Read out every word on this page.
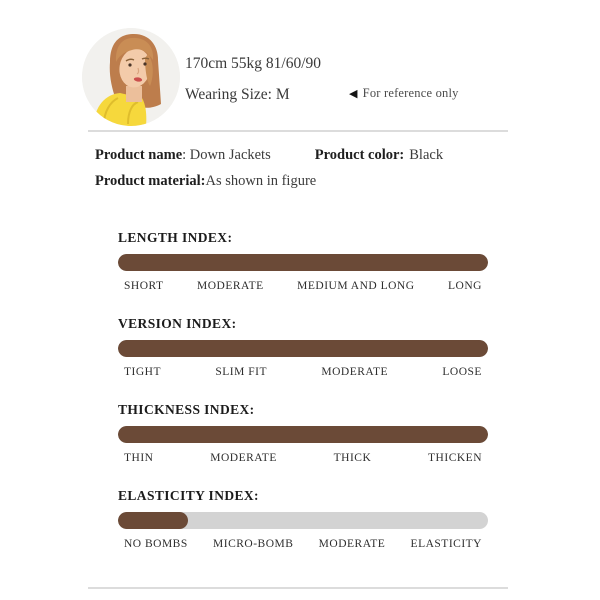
170cm 55kg 81/60/90

Wearing Size: M	◀ For reference only
Product name: Down Jackets	Product color: Black
Product material:As shown in figure

LENGTH INDEX:

SHORT	MODERATE	MEDIUM AND LONG	LONG

VERSION INDEX:

TIGHT	SLIM FIT	MODERATE	LOOSE

THICKNESS INDEX:

THIN	MODERATE	THICK	THICKEN

ELASTICITY INDEX:

NO BOMBS MICRO-BOMB MODERATE ELASTICITY
